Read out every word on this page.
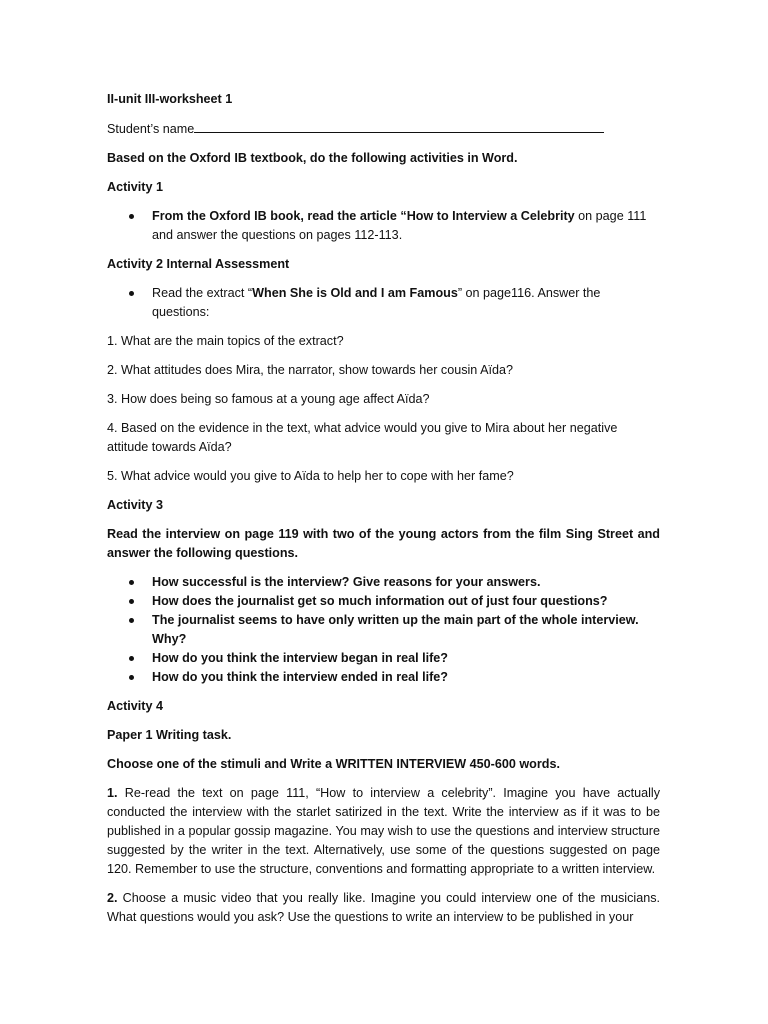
II-unit III-worksheet 1

Student’s name

Based on the Oxford IB textbook, do the following activities in Word.

Activity 1

From the Oxford IB book, read the article “How to Interview a Celebrity on page 111 and answer the questions on pages 112-113.

Activity 2 Internal Assessment

Read the extract “When She is Old and I am Famous” on page116. Answer the questions:

1. What are the main topics of the extract?

2. What attitudes does Mira, the narrator, show towards her cousin Aïda?

3. How does being so famous at a young age affect Aïda?

4. Based on the evidence in the text, what advice would you give to Mira about her negative attitude towards Aïda?

5. What advice would you give to Aïda to help her to cope with her fame?

Activity 3

Read the interview on page 119 with two of the young actors from the film Sing Street and answer the following questions.

How successful is the interview? Give reasons for your answers.
How does the journalist get so much information out of just four questions?
The journalist seems to have only written up the main part of the whole interview. Why?
How do you think the interview began in real life?
How do you think the interview ended in real life?

Activity 4

Paper 1 Writing task.

Choose one of the stimuli and Write a WRITTEN INTERVIEW 450-600 words.

1. Re-read the text on page 111, “How to interview a celebrity”. Imagine you have actually conducted the interview with the starlet satirized in the text. Write the interview as if it was to be published in a popular gossip magazine. You may wish to use the questions and interview structure suggested by the writer in the text. Alternatively, use some of the questions suggested on page 120. Remember to use the structure, conventions and formatting appropriate to a written interview.

2. Choose a music video that you really like. Imagine you could interview one of the musicians. What questions would you ask? Use the questions to write an interview to be published in your
